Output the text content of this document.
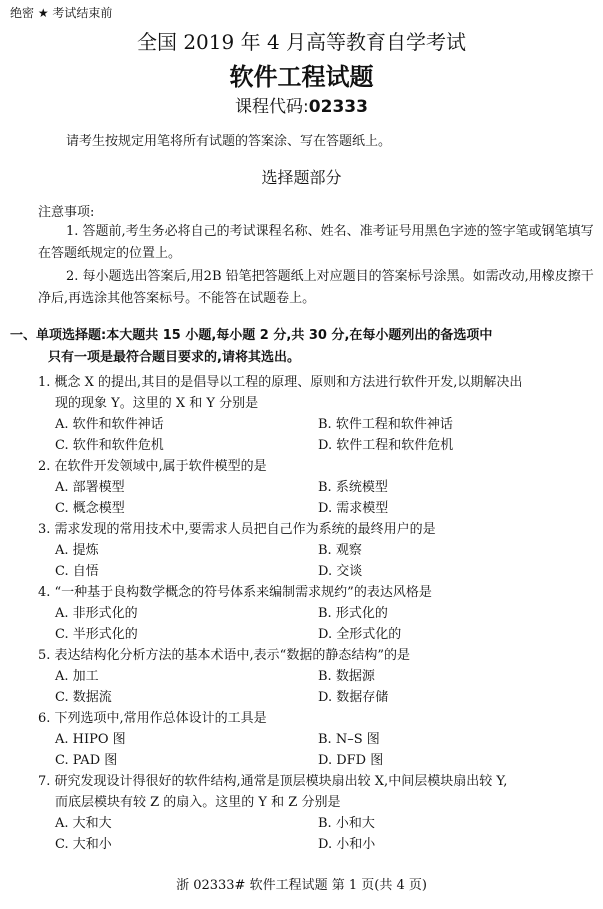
绝密 ★ 考试结束前
全国 2019 年 4 月高等教育自学考试
软件工程试题
课程代码:02333
请考生按规定用笔将所有试题的答案涂、写在答题纸上。
选择题部分
注意事项:
1. 答题前,考生务必将自己的考试课程名称、姓名、准考证号用黑色字迹的签字笔或钢笔填写在答题纸规定的位置上。
2. 每小题选出答案后,用2B 铅笔把答题纸上对应题目的答案标号涂黑。如需改动,用橡皮擦干净后,再选涂其他答案标号。不能答在试题卷上。
一、单项选择题:本大题共 15 小题,每小题 2 分,共 30 分,在每小题列出的备选项中
只有一项是最符合题目要求的,请将其选出。
1. 概念 X 的提出,其目的是倡导以工程的原理、原则和方法进行软件开发,以期解决出
现的现象 Y。这里的 X 和 Y 分别是
A. 软件和软件神话	B. 软件工程和软件神话
C. 软件和软件危机	D. 软件工程和软件危机
2. 在软件开发领域中,属于软件模型的是
A. 部署模型	B. 系统模型
C. 概念模型	D. 需求模型
3. 需求发现的常用技术中,要需求人员把自己作为系统的最终用户的是
A. 提炼	B. 观察
C. 自悟	D. 交谈
4. “一种基于良构数学概念的符号体系来编制需求规约”的表达风格是
A. 非形式化的	B. 形式化的
C. 半形式化的	D. 全形式化的
5. 表达结构化分析方法的基本术语中,表示“数据的静态结构”的是
A. 加工	B. 数据源
C. 数据流	D. 数据存储
6. 下列选项中,常用作总体设计的工具是
A. HIPO 图	B. N–S 图
C. PAD 图	D. DFD 图
7. 研究发现设计得很好的软件结构,通常是顶层模块扇出较 X,中间层模块扇出较 Y,
而底层模块有较 Z 的扇入。这里的 Y 和 Z 分别是
A. 大和大	B. 小和大
C. 大和小	D. 小和小
浙 02333# 软件工程试题 第 1 页(共 4 页)
